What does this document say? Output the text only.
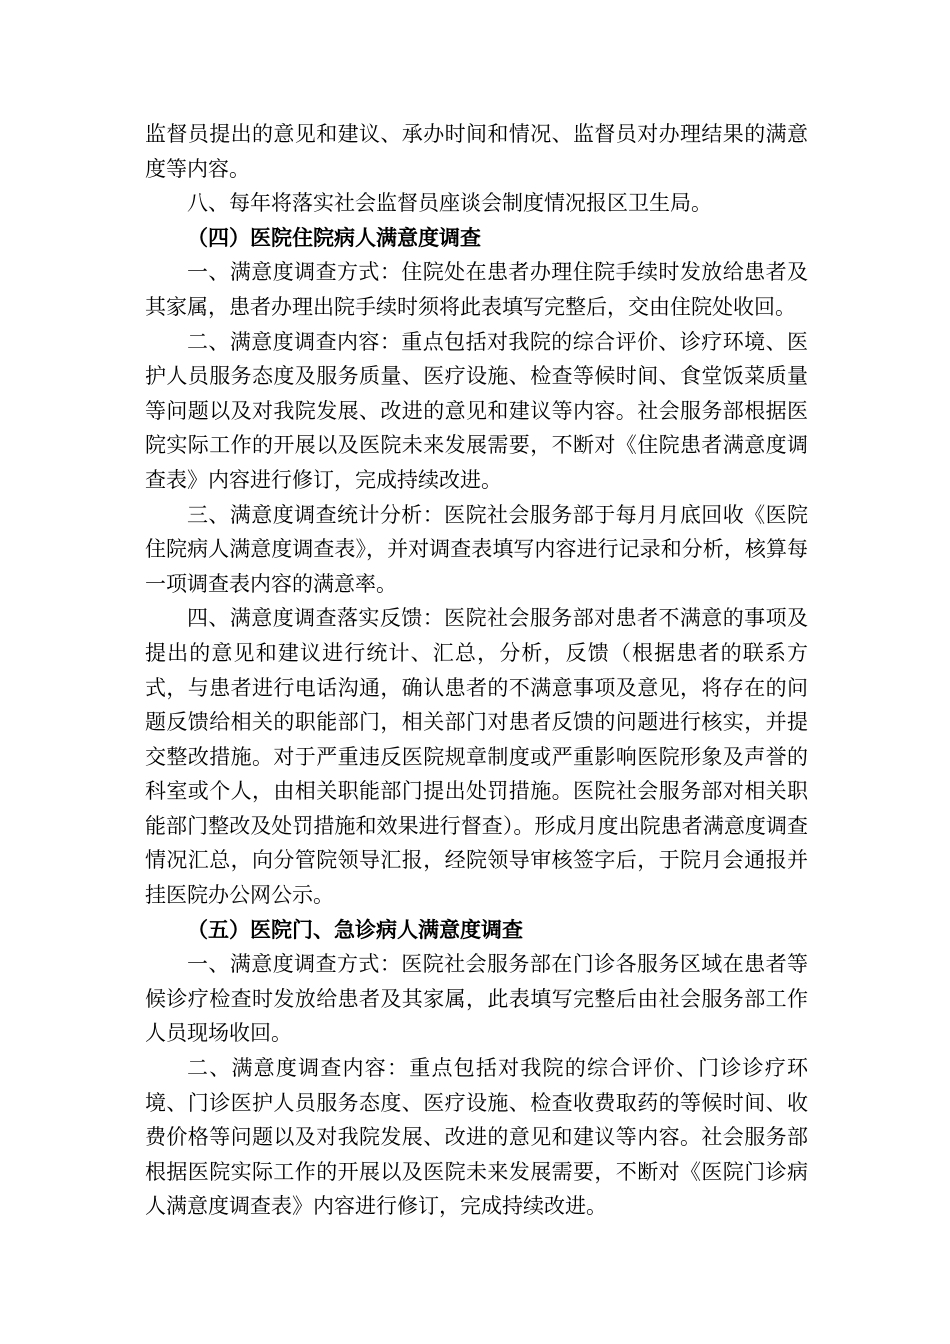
监督员提出的意见和建议、承办时间和情况、监督员对办理结果的满意度等内容。

八、每年将落实社会监督员座谈会制度情况报区卫生局。

（四）医院住院病人满意度调查

一、满意度调查方式：住院处在患者办理住院手续时发放给患者及其家属，患者办理出院手续时须将此表填写完整后，交由住院处收回。

二、满意度调查内容：重点包括对我院的综合评价、诊疗环境、医护人员服务态度及服务质量、医疗设施、检查等候时间、食堂饭菜质量等问题以及对我院发展、改进的意见和建议等内容。社会服务部根据医院实际工作的开展以及医院未来发展需要，不断对《住院患者满意度调查表》内容进行修订，完成持续改进。

三、满意度调查统计分析：医院社会服务部于每月月底回收《医院住院病人满意度调查表》，并对调查表填写内容进行记录和分析，核算每一项调查表内容的满意率。

四、满意度调查落实反馈：医院社会服务部对患者不满意的事项及提出的意见和建议进行统计、汇总，分析，反馈（根据患者的联系方式，与患者进行电话沟通，确认患者的不满意事项及意见，将存在的问题反馈给相关的职能部门，相关部门对患者反馈的问题进行核实，并提交整改措施。对于严重违反医院规章制度或严重影响医院形象及声誉的科室或个人，由相关职能部门提出处罚措施。医院社会服务部对相关职能部门整改及处罚措施和效果进行督查）。形成月度出院患者满意度调查情况汇总，向分管院领导汇报，经院领导审核签字后，于院月会通报并挂医院办公网公示。

（五）医院门、急诊病人满意度调查

一、满意度调查方式：医院社会服务部在门诊各服务区域在患者等候诊疗检查时发放给患者及其家属，此表填写完整后由社会服务部工作人员现场收回。

二、满意度调查内容：重点包括对我院的综合评价、门诊诊疗环境、门诊医护人员服务态度、医疗设施、检查收费取药的等候时间、收费价格等问题以及对我院发展、改进的意见和建议等内容。社会服务部根据医院实际工作的开展以及医院未来发展需要，不断对《医院门诊病人满意度调查表》内容进行修订，完成持续改进。
